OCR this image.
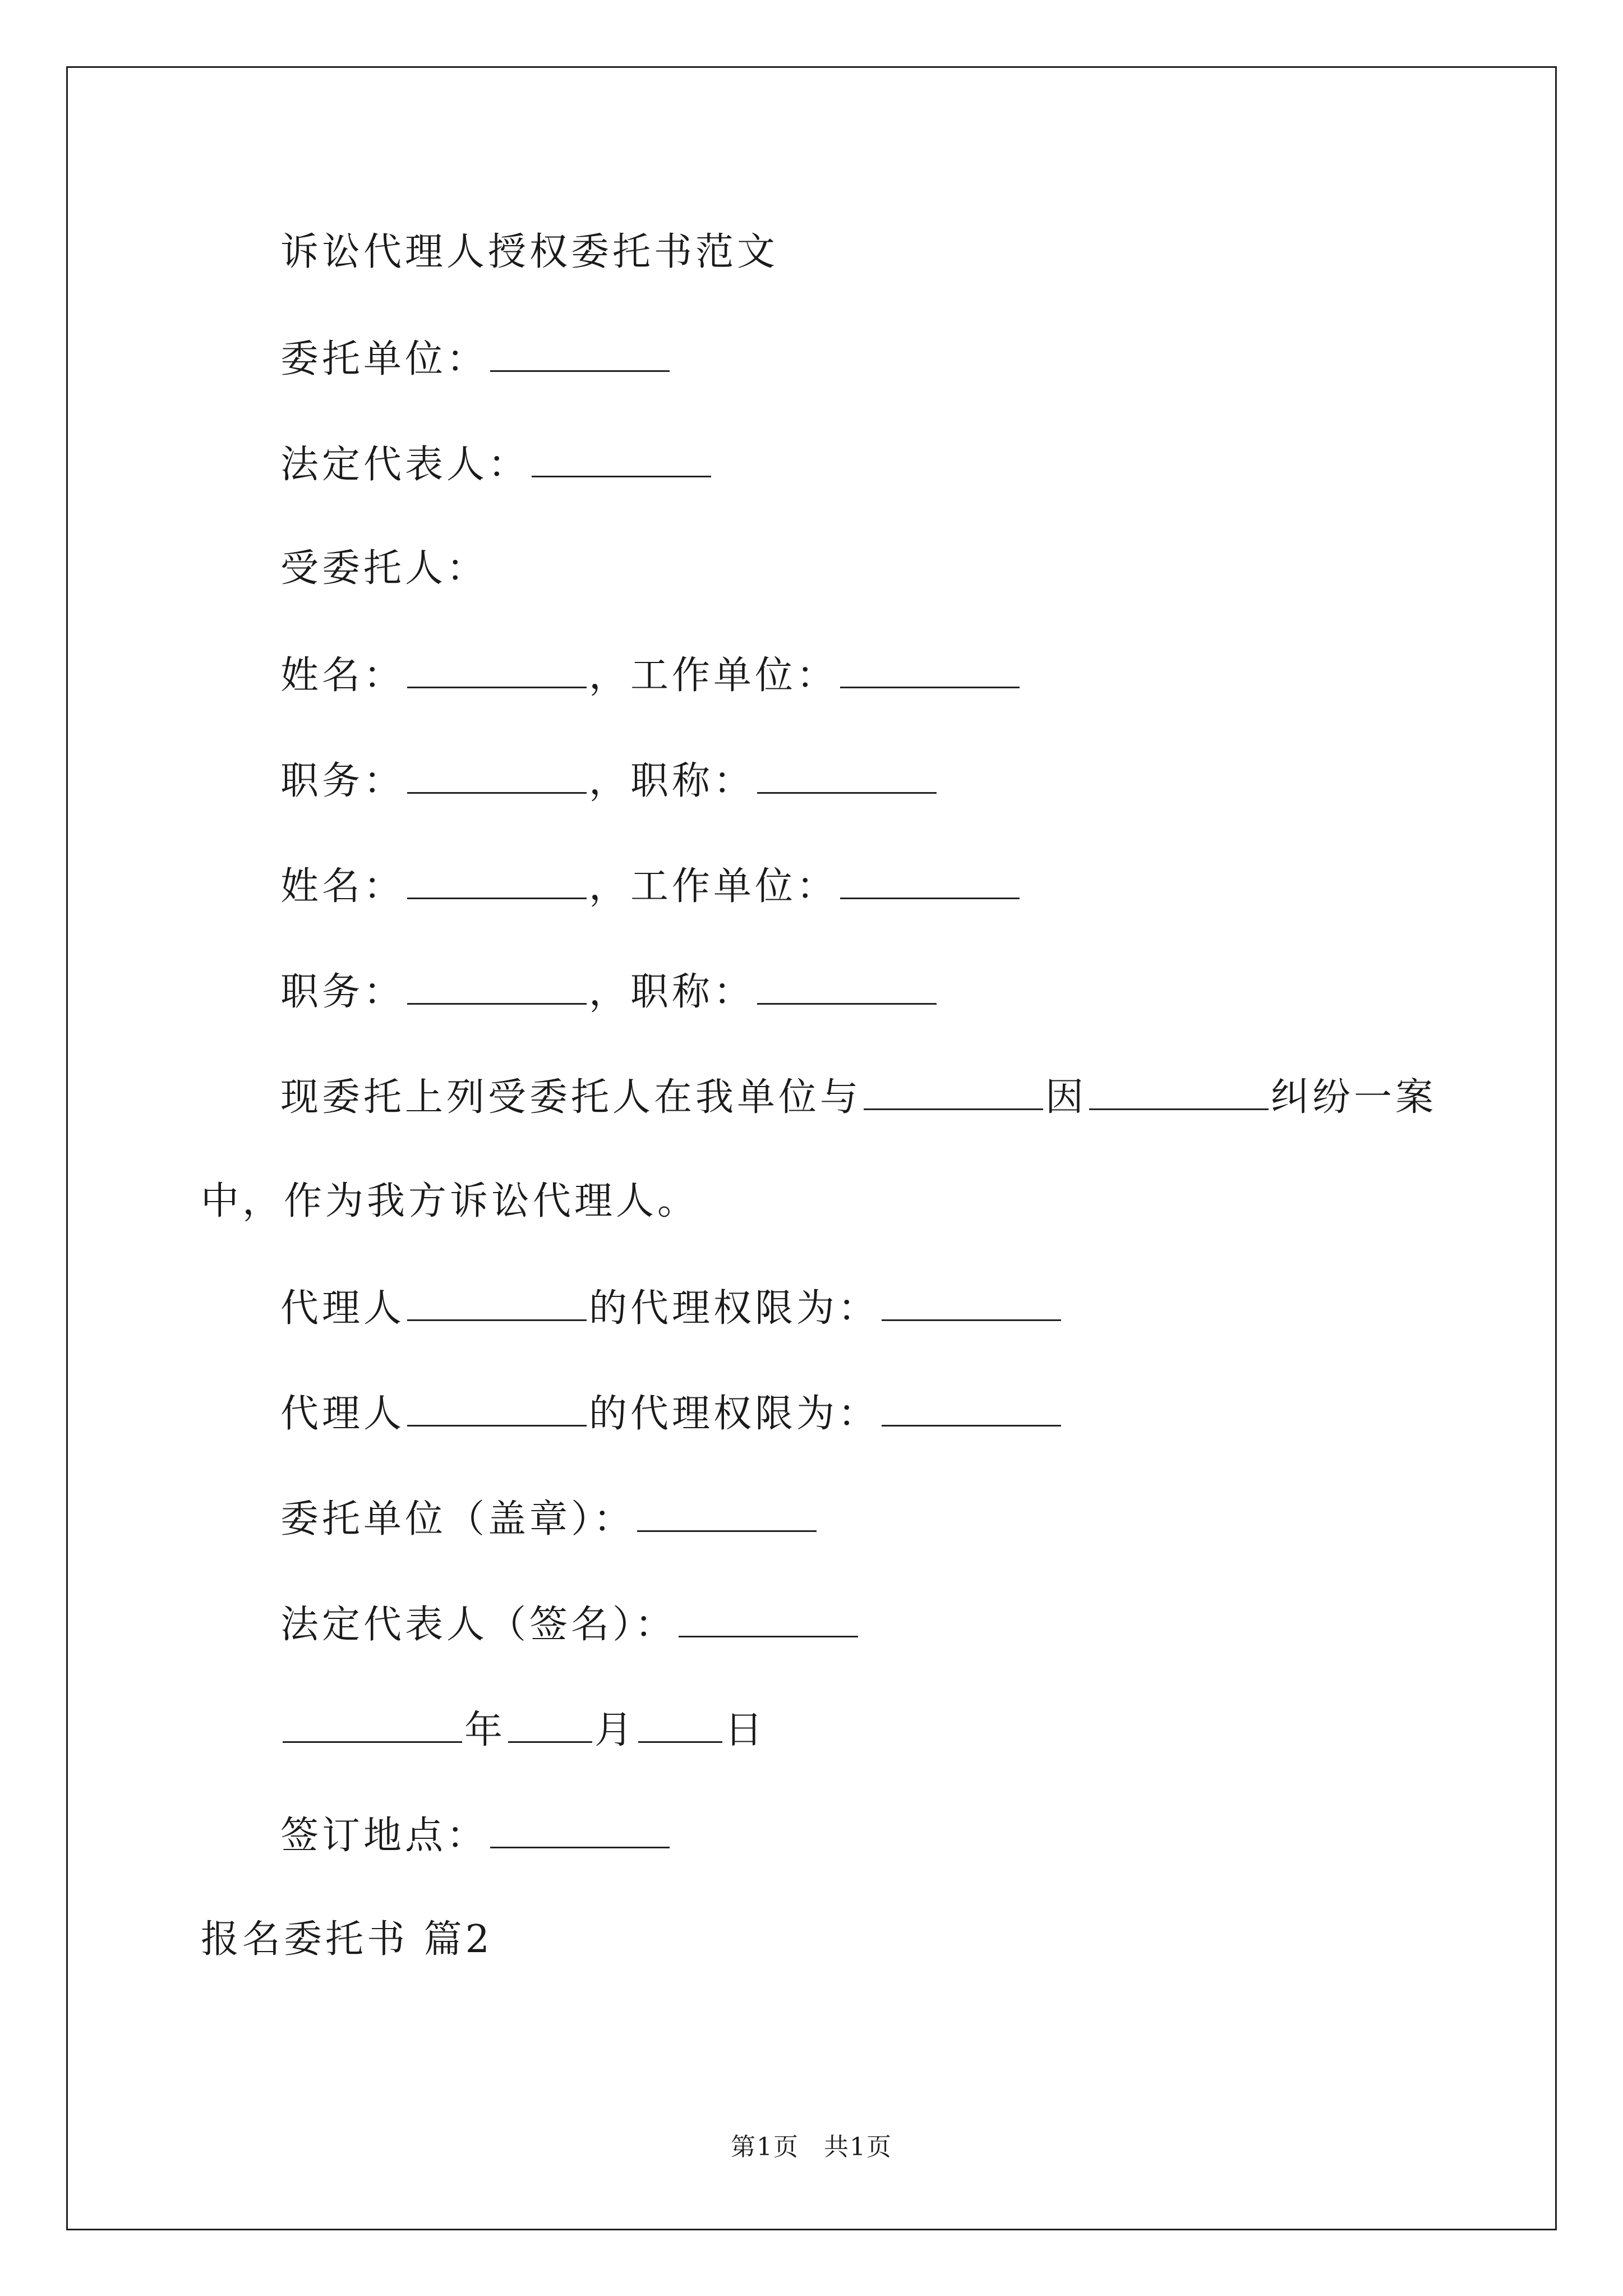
诉讼代理人授权委托书范文
委托单位：
法定代表人：
受委托人：
姓名：	，工作单位：
职务：	，职称：
姓名：	，工作单位：
职务：	，职称：
现委托上列受委托人在我单位与	因	纠纷一案
中，作为我方诉讼代理人。
代理人	的代理权限为：
代理人	的代理权限为：
委托单位（盖章）：
法定代表人（签名）：
年 月 日
签订地点：
报名委托书 篇2
第1页 共1页
